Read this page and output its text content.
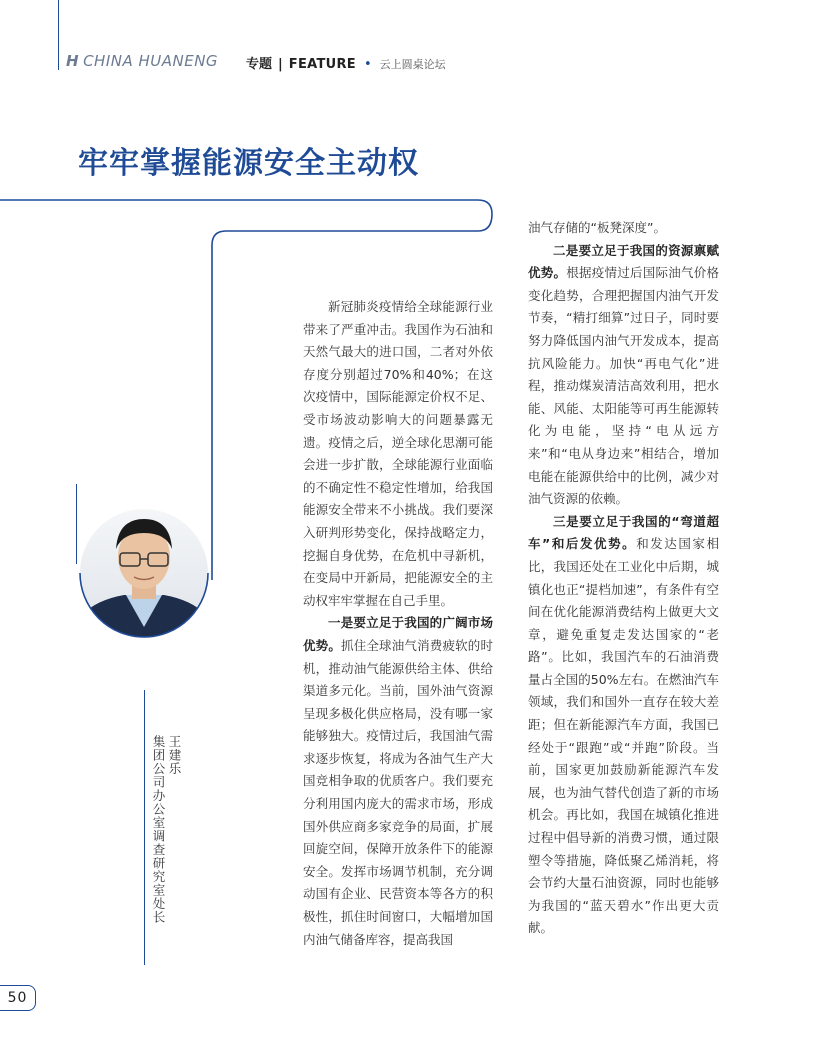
H CHINA HUANENG 专题 | FEATURE • 云上圆桌论坛
牢牢掌握能源安全主动权
王建乐
集团公司办公室调查研究室处长

新冠肺炎疫情给全球能源行业带来了严重冲击。我国作为石油和天然气最大的进口国，二者对外依存度分别超过70%和40%；在这次疫情中，国际能源定价权不足、受市场波动影响大的问题暴露无遗。疫情之后，逆全球化思潮可能会进一步扩散，全球能源行业面临的不确定性不稳定性增加，给我国能源安全带来不小挑战。我们要深入研判形势变化，保持战略定力，挖掘自身优势，在危机中寻新机，在变局中开新局，把能源安全的主动权牢牢掌握在自己手里。

一是要立足于我国的广阔市场优势。抓住全球油气消费疲软的时机，推动油气能源供给主体、供给渠道多元化。当前，国外油气资源呈现多极化供应格局，没有哪一家能够独大。疫情过后，我国油气需求逐步恢复，将成为各油气生产大国竞相争取的优质客户。我们要充分利用国内庞大的需求市场，形成国外供应商多家竞争的局面，扩展回旋空间，保障开放条件下的能源安全。发挥市场调节机制，充分调动国有企业、民营资本等各方的积极性，抓住时间窗口，大幅增加国内油气储备库容，提高我国

油气存储的“板凳深度”。

二是要立足于我国的资源禀赋优势。根据疫情过后国际油气价格变化趋势，合理把握国内油气开发节奏，“精打细算”过日子，同时要努力降低国内油气开发成本，提高抗风险能力。加快“再电气化”进程，推动煤炭清洁高效利用，把水能、风能、太阳能等可再生能源转化为电能，坚持“电从远方来”和“电从身边来”相结合，增加电能在能源供给中的比例，减少对油气资源的依赖。

三是要立足于我国的“弯道超车”和后发优势。和发达国家相比，我国还处在工业化中后期，城镇化也正“提档加速”，有条件有空间在优化能源消费结构上做更大文章，避免重复走发达国家的“老路”。比如，我国汽车的石油消费量占全国的50%左右。在燃油汽车领域，我们和国外一直存在较大差距；但在新能源汽车方面，我国已经处于“跟跑”或“并跑”阶段。当前，国家更加鼓励新能源汽车发展，也为油气替代创造了新的市场机会。再比如，我国在城镇化推进过程中倡导新的消费习惯，通过限塑令等措施，降低聚乙烯消耗，将会节约大量石油资源，同时也能够为我国的“蓝天碧水”作出更大贡献。

50
